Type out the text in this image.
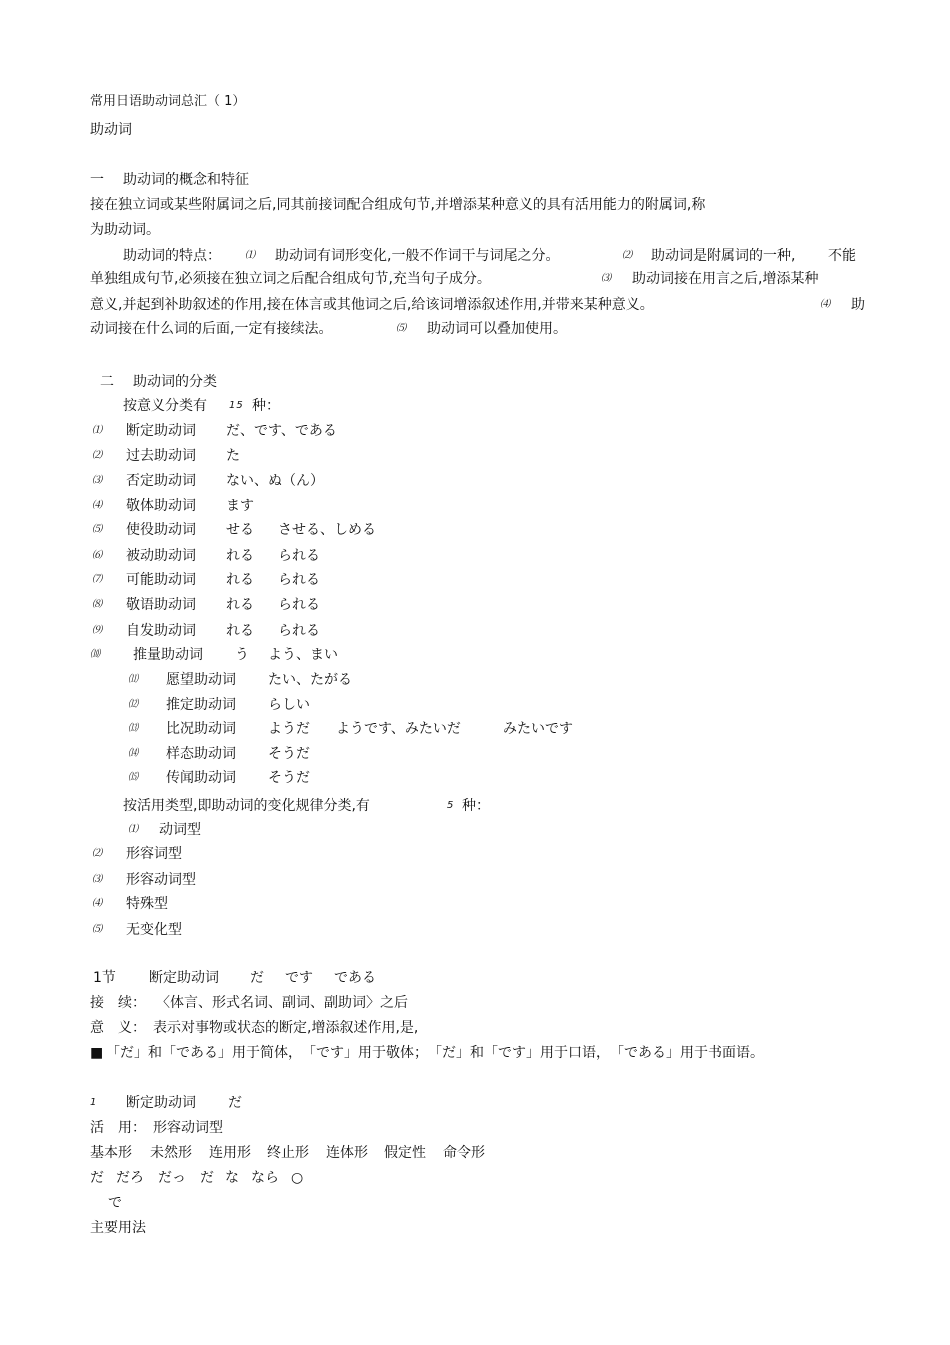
常用日语助动词总汇（ 1）
助动词
一 助动词的概念和特征
接在独立词或某些附属词之后,同其前接词配合组成句节,并增添某种意义的具有活用能力的附属词,称
为助动词。
助动词的特点： ⑴ 助动词有词形变化,一般不作词干与词尾之分。	⑵ 助动词是附属词的一种, 不能
单独组成句节,必须接在独立词之后配合组成句节,充当句子成分。	⑶ 助动词接在用言之后,增添某种
意义,并起到补助叙述的作用,接在体言或其他词之后,给该词增添叙述作用,并带来某种意义。	⑷ 助
动词接在什么词的后面,一定有接续法。	⑸ 助动词可以叠加使用。
二 助动词的分类
按意义分类有 15 种：
⑴ 断定助动词 だ、です、である
⑵ 过去助动词 た
⑶ 否定助动词 ない、ぬ（ん）
⑷ 敬体助动词 ます
⑸ 使役助动词 せる させる、しめる
⑹ 被动助动词 れる られる
⑺ 可能助动词 れる られる
⑻ 敬语助动词 れる られる
⑼ 自发助动词 れる られる
⑽ 推量助动词 う よう、まい
⑾ 愿望助动词 たい、たがる
⑿ 推定助动词 らしい
⒀ 比况助动词 ようだ ようです、みたいだ	みたいです
⒁ 样态助动词 そうだ
⒂ 传闻助动词 そうだ
按活用类型,即助动词的变化规律分类,有	5 种：
⑴ 动词型
⑵ 形容词型
⑶ 形容动词型
⑷ 特殊型
⑸ 无变化型
1节 断定助动词 だ です である
接　续： 〈体言、形式名词、副词、副助词〉之后
意　义： 表示对事物或状态的断定,增添叙述作用,是,
■ 「だ」和「である」用于简体，　「です」用于敬体；　「だ」和「です」用于口语，　「である」用于书面语。
1 断定助动词 だ
活　用： 形容动词型
基本形 未然形 连用形 终止形 连体形 假定性 命令形
だ だろ だっ だ な なら ○
で
主要用法
